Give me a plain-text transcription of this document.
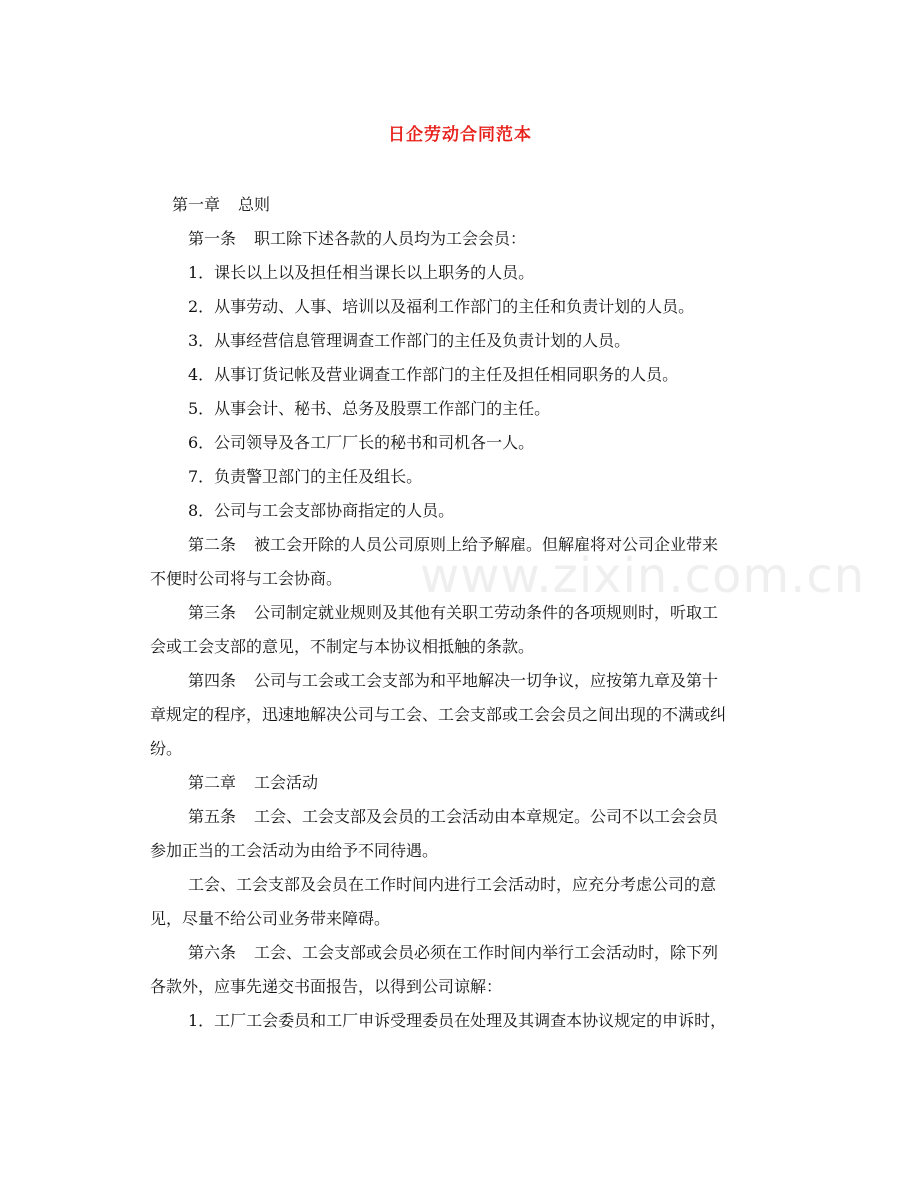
日企劳动合同范本
www.zixin.com.cn
第一章 总则
第一条 职工除下述各款的人员均为工会会员：
1．课长以上以及担任相当课长以上职务的人员。
2．从事劳动、人事、培训以及福利工作部门的主任和负责计划的人员。
3．从事经营信息管理调查工作部门的主任及负责计划的人员。
4．从事订货记帐及营业调查工作部门的主任及担任相同职务的人员。
5．从事会计、秘书、总务及股票工作部门的主任。
6．公司领导及各工厂厂长的秘书和司机各一人。
7．负责警卫部门的主任及组长。
8．公司与工会支部协商指定的人员。
第二条 被工会开除的人员公司原则上给予解雇。但解雇将对公司企业带来
不便时公司将与工会协商。
第三条 公司制定就业规则及其他有关职工劳动条件的各项规则时，听取工
会或工会支部的意见，不制定与本协议相抵触的条款。
第四条 公司与工会或工会支部为和平地解决一切争议，应按第九章及第十
章规定的程序，迅速地解决公司与工会、工会支部或工会会员之间出现的不满或纠
纷。
第二章 工会活动
第五条 工会、工会支部及会员的工会活动由本章规定。公司不以工会会员
参加正当的工会活动为由给予不同待遇。
工会、工会支部及会员在工作时间内进行工会活动时，应充分考虑公司的意
见，尽量不给公司业务带来障碍。
第六条 工会、工会支部或会员必须在工作时间内举行工会活动时，除下列
各款外，应事先递交书面报告，以得到公司谅解：
1．工厂工会委员和工厂申诉受理委员在处理及其调查本协议规定的申诉时，
